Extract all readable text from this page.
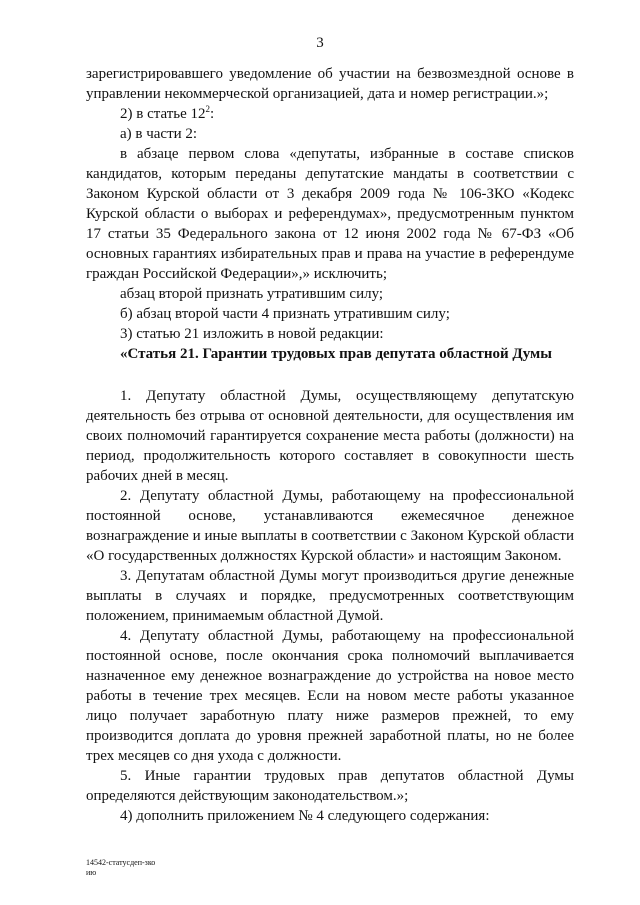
3

зарегистрировавшего уведомление об участии на безвозмездной основе в управлении некоммерческой организацией, дата и номер регистрации.»;

2) в статье $12^2$:

а) в части 2:

в абзаце первом слова «депутаты, избранные в составе списков кандидатов, которым переданы депутатские мандаты в соответствии с Законом Курской области от 3 декабря 2009 года № 106-ЗКО «Кодекс Курской области о выборах и референдумах», предусмотренным пунктом 17 статьи 35 Федерального закона от 12 июня 2002 года № 67-ФЗ «Об основных гарантиях избирательных прав и права на участие в референдуме граждан Российской Федерации»,» исключить;

абзац второй признать утратившим силу;

б) абзац второй части 4 признать утратившим силу;

3) статью 21 изложить в новой редакции:

«Статья 21. Гарантии трудовых прав депутата областной Думы

1. Депутату областной Думы, осуществляющему депутатскую деятельность без отрыва от основной деятельности, для осуществления им своих полномочий гарантируется сохранение места работы (должности) на период, продолжительность которого составляет в совокупности шесть рабочих дней в месяц.

2. Депутату областной Думы, работающему на профессиональной постоянной основе, устанавливаются ежемесячное денежное вознаграждение и иные выплаты в соответствии с Законом Курской области «О государственных должностях Курской области» и настоящим Законом.

3. Депутатам областной Думы могут производиться другие денежные выплаты в случаях и порядке, предусмотренных соответствующим положением, принимаемым областной Думой.

4. Депутату областной Думы, работающему на профессиональной постоянной основе, после окончания срока полномочий выплачивается назначенное ему денежное вознаграждение до устройства на новое место работы в течение трех месяцев. Если на новом месте работы указанное лицо получает заработную плату ниже размеров прежней, то ему производится доплата до уровня прежней заработной платы, но не более трех месяцев со дня ухода с должности.

5. Иные гарантии трудовых прав депутатов областной Думы определяются действующим законодательством.»;

4) дополнить приложением № 4 следующего содержания:

14542-статусдеп-зко
ию
